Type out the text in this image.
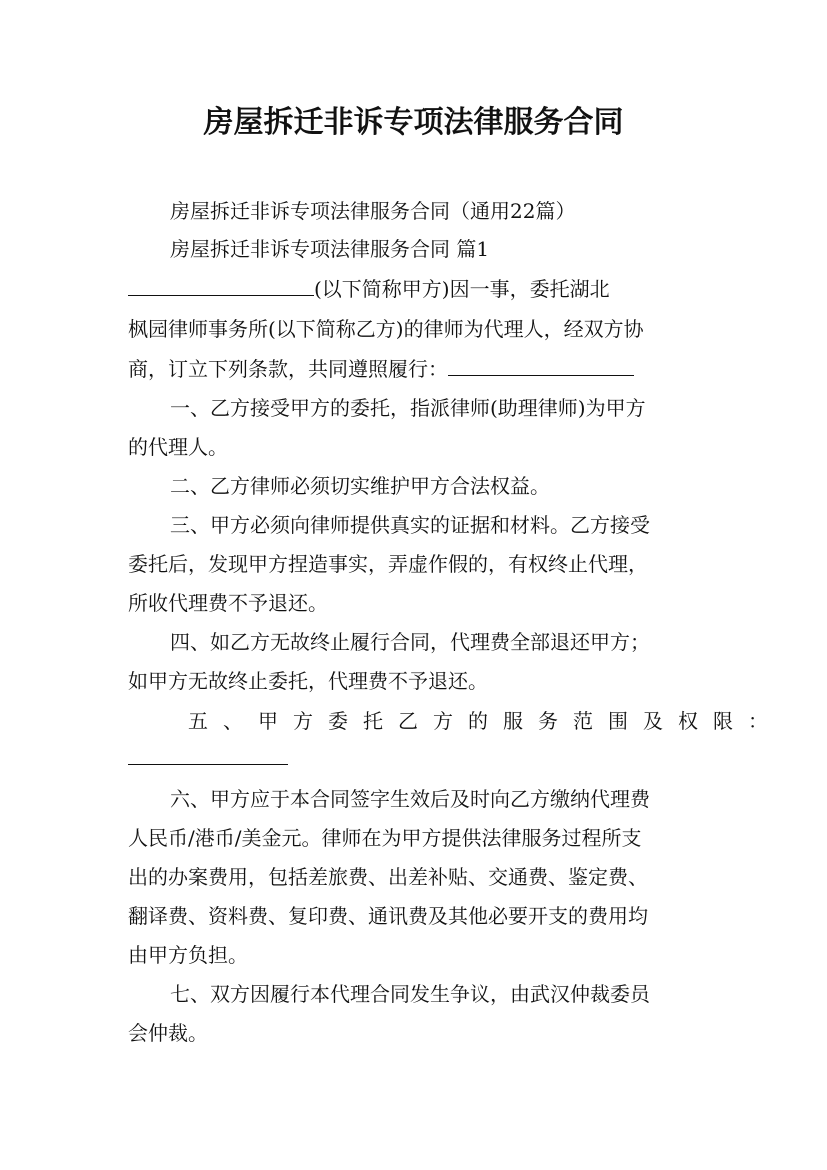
房屋拆迁非诉专项法律服务合同

房屋拆迁非诉专项法律服务合同（通用22篇）

房屋拆迁非诉专项法律服务合同 篇1

(以下简称甲方)因一事，委托湖北

枫园律师事务所(以下简称乙方)的律师为代理人，经双方协

商，订立下列条款，共同遵照履行：

一、乙方接受甲方的委托，指派律师(助理律师)为甲方

的代理人。

二、乙方律师必须切实维护甲方合法权益。

三、甲方必须向律师提供真实的证据和材料。乙方接受

委托后，发现甲方捏造事实，弄虚作假的，有权终止代理，

所收代理费不予退还。

四、如乙方无故终止履行合同，代理费全部退还甲方；

如甲方无故终止委托，代理费不予退还。

五、甲方委托乙方的服务范围及权限：

六、甲方应于本合同签字生效后及时向乙方缴纳代理费

人民币/港币/美金元。律师在为甲方提供法律服务过程所支

出的办案费用，包括差旅费、出差补贴、交通费、鉴定费、

翻译费、资料费、复印费、通讯费及其他必要开支的费用均

由甲方负担。

七、双方因履行本代理合同发生争议，由武汉仲裁委员

会仲裁。
